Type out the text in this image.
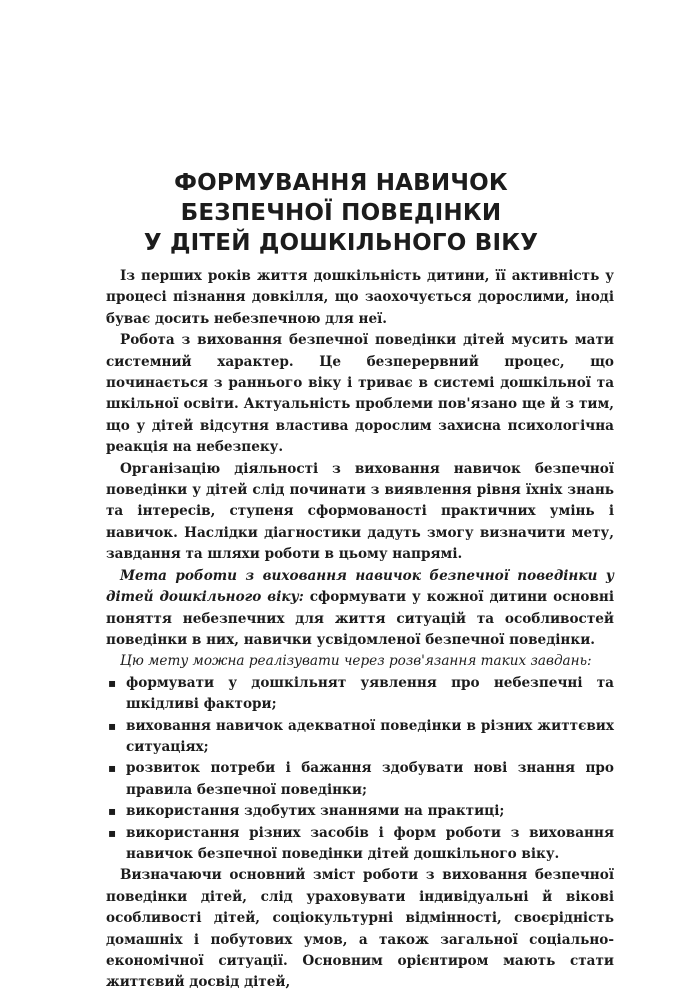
ФОРМУВАННЯ НАВИЧОК
БЕЗПЕЧНОЇ ПОВЕДІНКИ
У ДІТЕЙ ДОШКІЛЬНОГО ВІКУ

Із перших років життя дошкільність дитини, її активність у процесі пізнання довкілля, що заохочується дорослими, іноді буває досить небезпечною для неї.

Робота з виховання безпечної поведінки дітей мусить мати системний характер. Це безперервний процес, що починається з раннього віку і триває в системі дошкільної та шкільної освіти. Актуальність проблеми пов'язано ще й з тим, що у дітей відсутня властива дорослим захисна психологічна реакція на небезпеку.

Організацію діяльності з виховання навичок безпечної поведінки у дітей слід починати з виявлення рівня їхніх знань та інтересів, ступеня сформованості практичних умінь і навичок. Наслідки діагностики дадуть змогу визначити мету, завдання та шляхи роботи в цьому напрямі.

Мета роботи з виховання навичок безпечної поведінки у дітей дошкільного віку: сформувати у кожної дитини основні поняття небезпечних для життя ситуацій та особливостей поведінки в них, навички усвідомленої безпечної поведінки.

Цю мету можна реалізувати через розв'язання таких завдань:

▪ формувати у дошкільнят уявлення про небезпечні та шкідливі фактори;
▪ виховання навичок адекватної поведінки в різних життєвих ситуаціях;
▪ розвиток потреби і бажання здобувати нові знання про правила безпечної поведінки;
▪ використання здобутих знаннями на практиці;
▪ використання різних засобів і форм роботи з виховання навичок безпечної поведінки дітей дошкільного віку.

Визначаючи основний зміст роботи з виховання безпечної поведінки дітей, слід ураховувати індивідуальні й вікові особливості дітей, соціокультурні відмінності, своєрідність домашніх і побутових умов, а також загальної соціально-економічної ситуації. Основним орієнтиром мають стати життєвий досвід дітей,
